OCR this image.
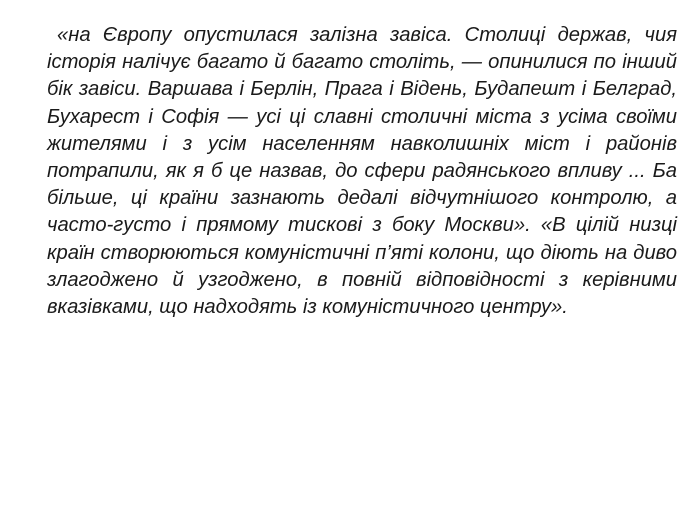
«на Європу опустилася залізна завіса. Столиці держав, чия історія налічує багато й багато століть, — опинилися по інший бік завіси. Варшава і Берлін, Прага і Відень, Будапешт і Белград, Бухарест і Софія — усі ці славні столичні міста з усіма своїми жителями і з усім населенням навколишніх міст і районів потрапили, як я б це назвав, до сфери радянського впливу ... Ба більше, ці країни зазнають дедалі відчутнішого контролю, а часто-густо і прямому тискові з боку Москви». «В цілій низці країн створюються комуністичні п’яті колони, що діють на диво злагоджено й узгоджено, в повній відповідності з керівними вказівками, що надходять із комуністичного центру».
